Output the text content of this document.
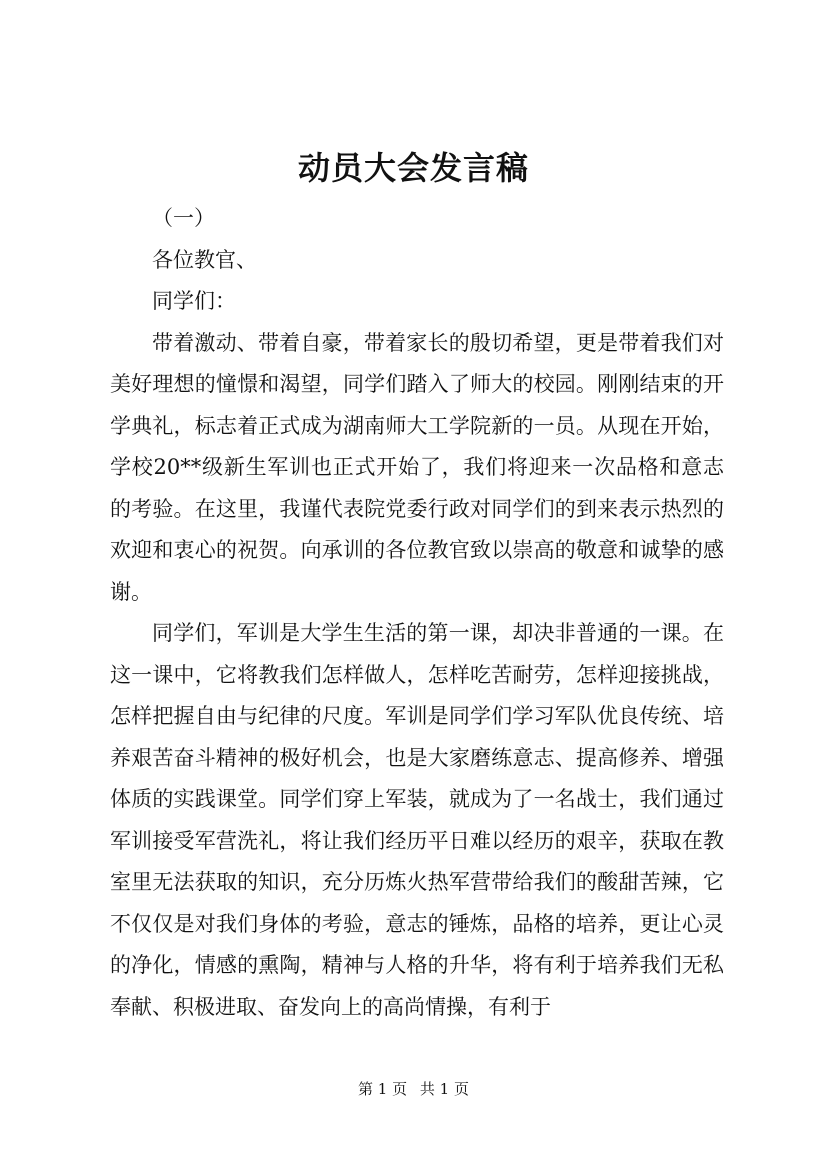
动员大会发言稿

（一）

各位教官、

同学们：

带着激动、带着自豪，带着家长的殷切希望，更是带着我们对美好理想的憧憬和渴望，同学们踏入了师大的校园。刚刚结束的开学典礼，标志着正式成为湖南师大工学院新的一员。从现在开始，学校20**级新生军训也正式开始了，我们将迎来一次品格和意志的考验。在这里，我谨代表院党委行政对同学们的到来表示热烈的欢迎和衷心的祝贺。向承训的各位教官致以崇高的敬意和诚挚的感谢。

同学们，军训是大学生生活的第一课，却决非普通的一课。在这一课中，它将教我们怎样做人，怎样吃苦耐劳，怎样迎接挑战，怎样把握自由与纪律的尺度。军训是同学们学习军队优良传统、培养艰苦奋斗精神的极好机会，也是大家磨练意志、提高修养、增强体质的实践课堂。同学们穿上军装，就成为了一名战士，我们通过军训接受军营洗礼，将让我们经历平日难以经历的艰辛，获取在教室里无法获取的知识，充分历炼火热军营带给我们的酸甜苦辣，它不仅仅是对我们身体的考验，意志的锤炼，品格的培养，更让心灵的净化，情感的熏陶，精神与人格的升华，将有利于培养我们无私奉献、积极进取、奋发向上的高尚情操，有利于

第 1 页 共 1 页
